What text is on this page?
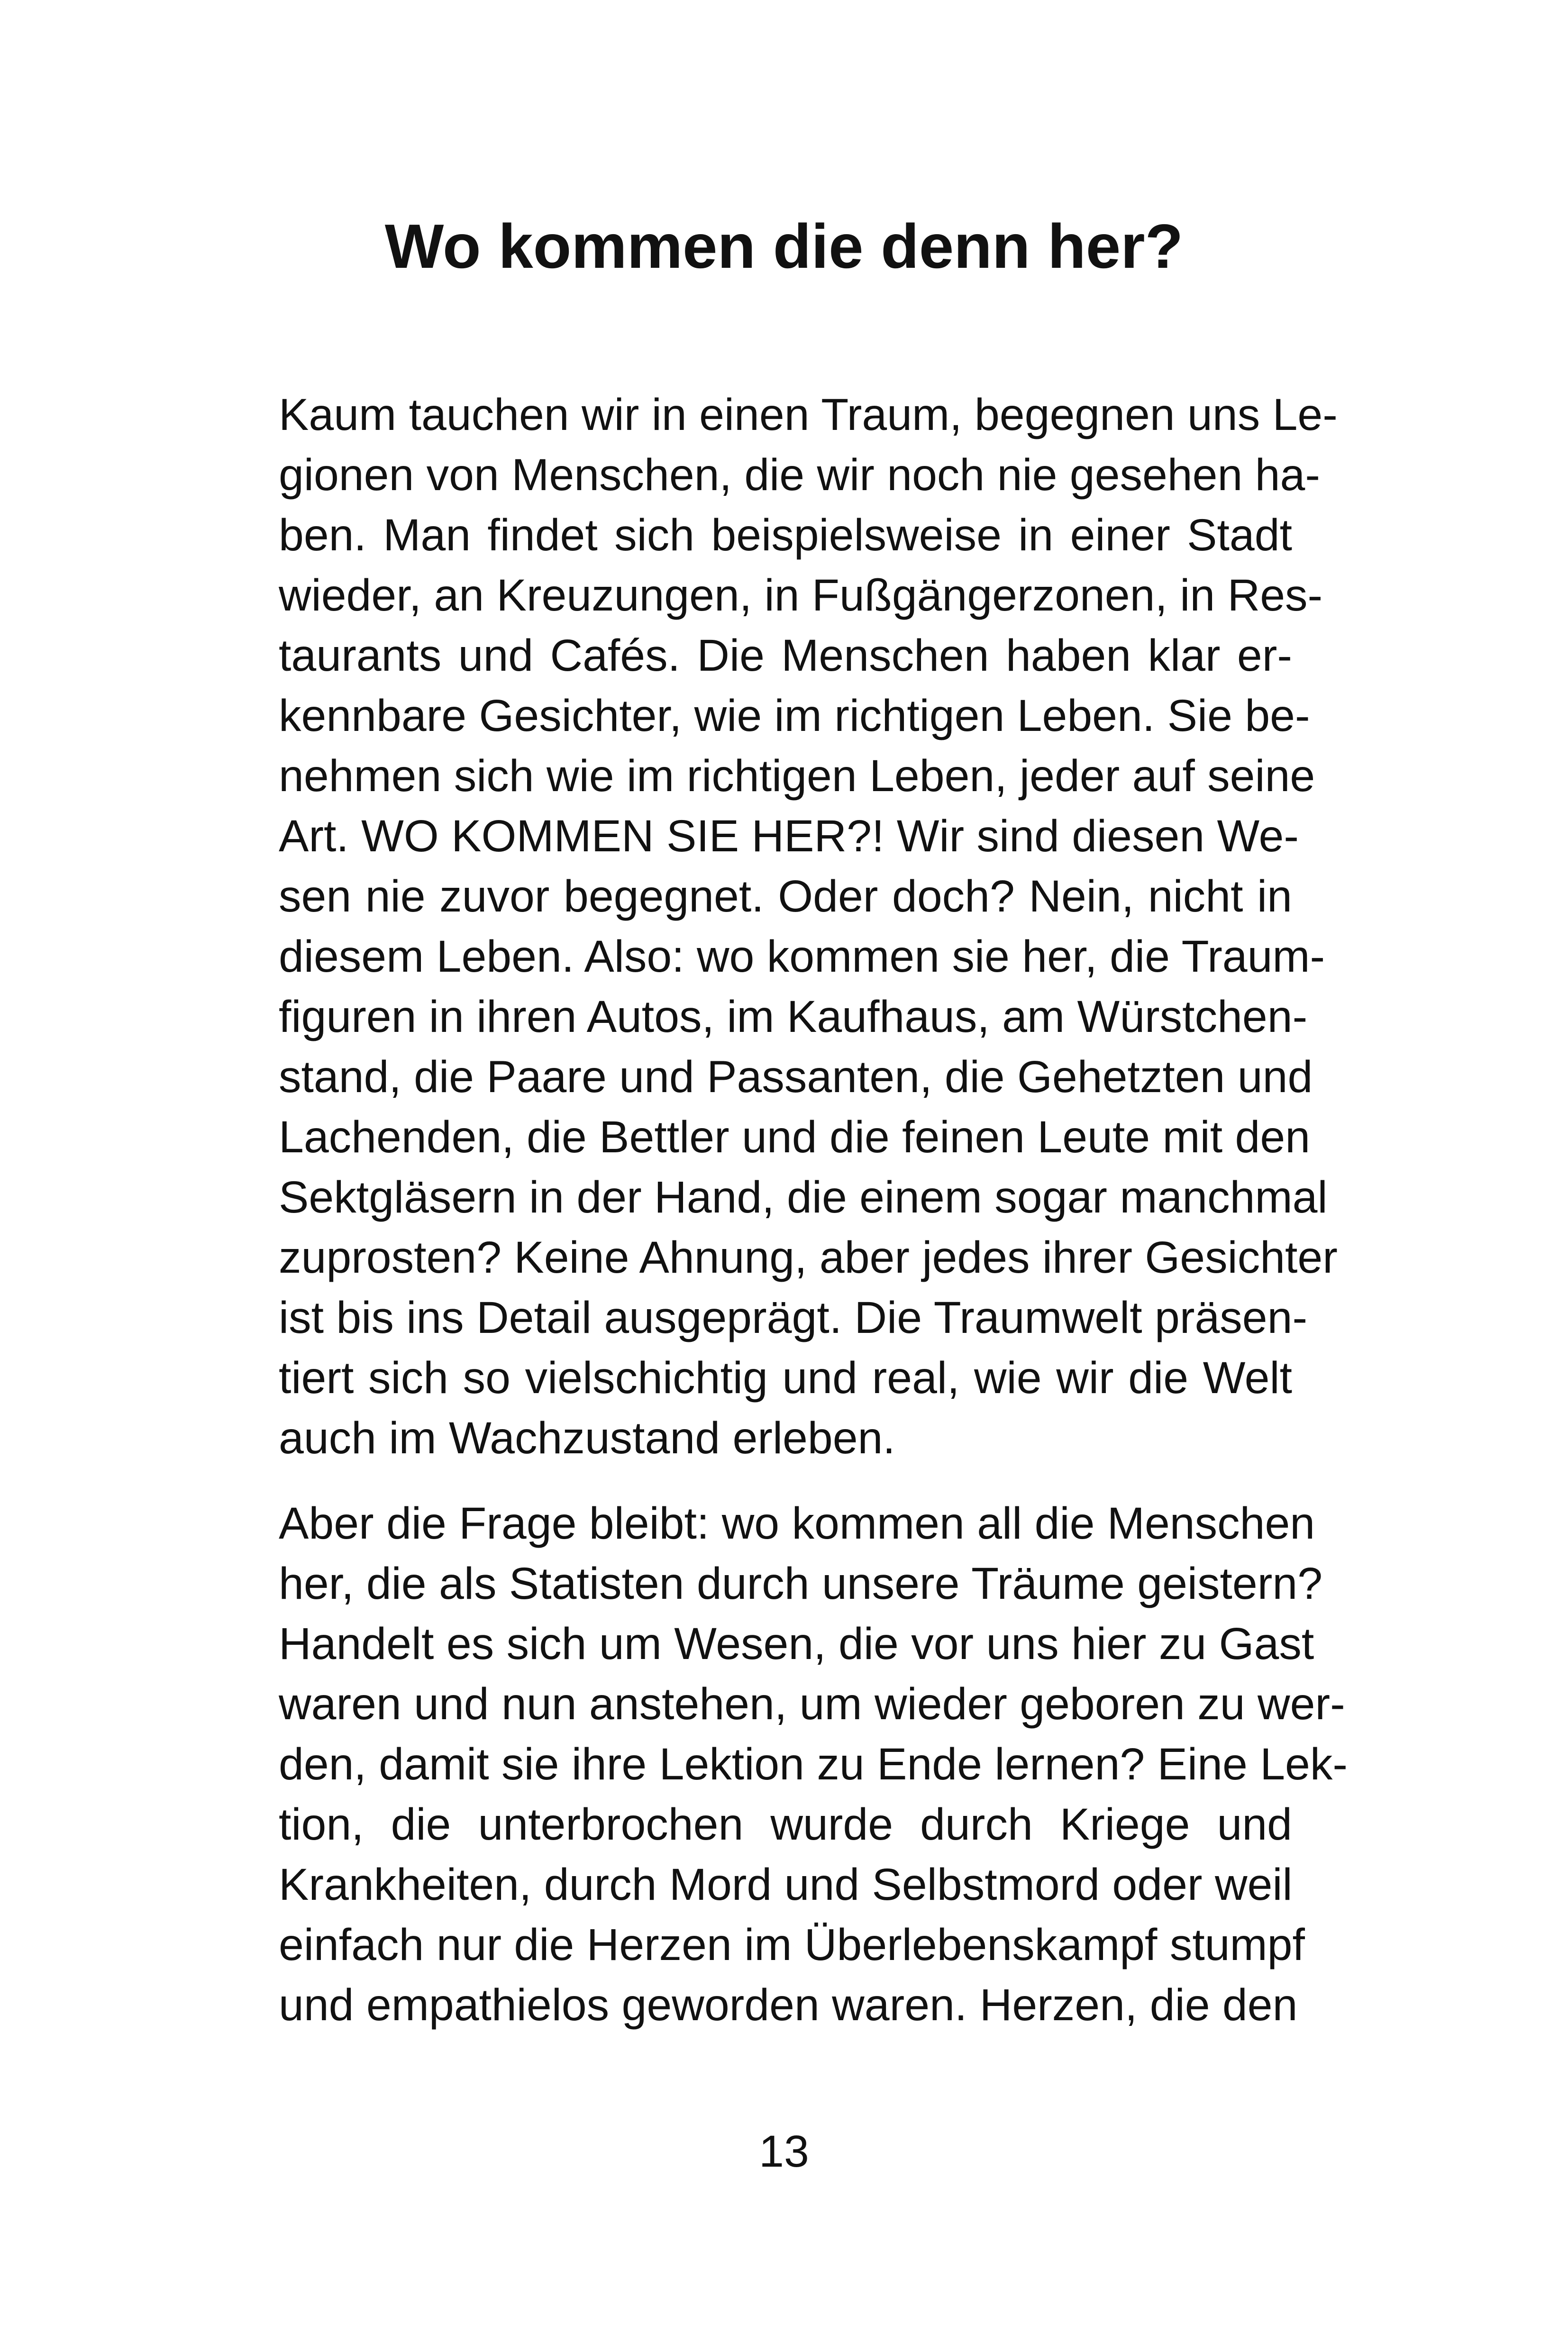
Wo kommen die denn her?
Kaum tauchen wir in einen Traum, begegnen uns Le-
gionen von Menschen, die wir noch nie gesehen ha-
ben. Man findet sich beispielsweise in einer Stadt
wieder, an Kreuzungen, in Fußgängerzonen, in Res-
taurants und Cafés. Die Menschen haben klar er-
kennbare Gesichter, wie im richtigen Leben. Sie be-
nehmen sich wie im richtigen Leben, jeder auf seine
Art. WO KOMMEN SIE HER?! Wir sind diesen We-
sen nie zuvor begegnet. Oder doch? Nein, nicht in
diesem Leben. Also: wo kommen sie her, die Traum-
figuren in ihren Autos, im Kaufhaus, am Würstchen-
stand, die Paare und Passanten, die Gehetzten und
Lachenden, die Bettler und die feinen Leute mit den
Sektgläsern in der Hand, die einem sogar manchmal
zuprosten? Keine Ahnung, aber jedes ihrer Gesichter
ist bis ins Detail ausgeprägt. Die Traumwelt präsen-
tiert sich so vielschichtig und real, wie wir die Welt
auch im Wachzustand erleben.
Aber die Frage bleibt: wo kommen all die Menschen
her, die als Statisten durch unsere Träume geistern?
Handelt es sich um Wesen, die vor uns hier zu Gast
waren und nun anstehen, um wieder geboren zu wer-
den, damit sie ihre Lektion zu Ende lernen? Eine Lek-
tion, die unterbrochen wurde durch Kriege und
Krankheiten, durch Mord und Selbstmord oder weil
einfach nur die Herzen im Überlebenskampf stumpf
und empathielos geworden waren. Herzen, die den
13
